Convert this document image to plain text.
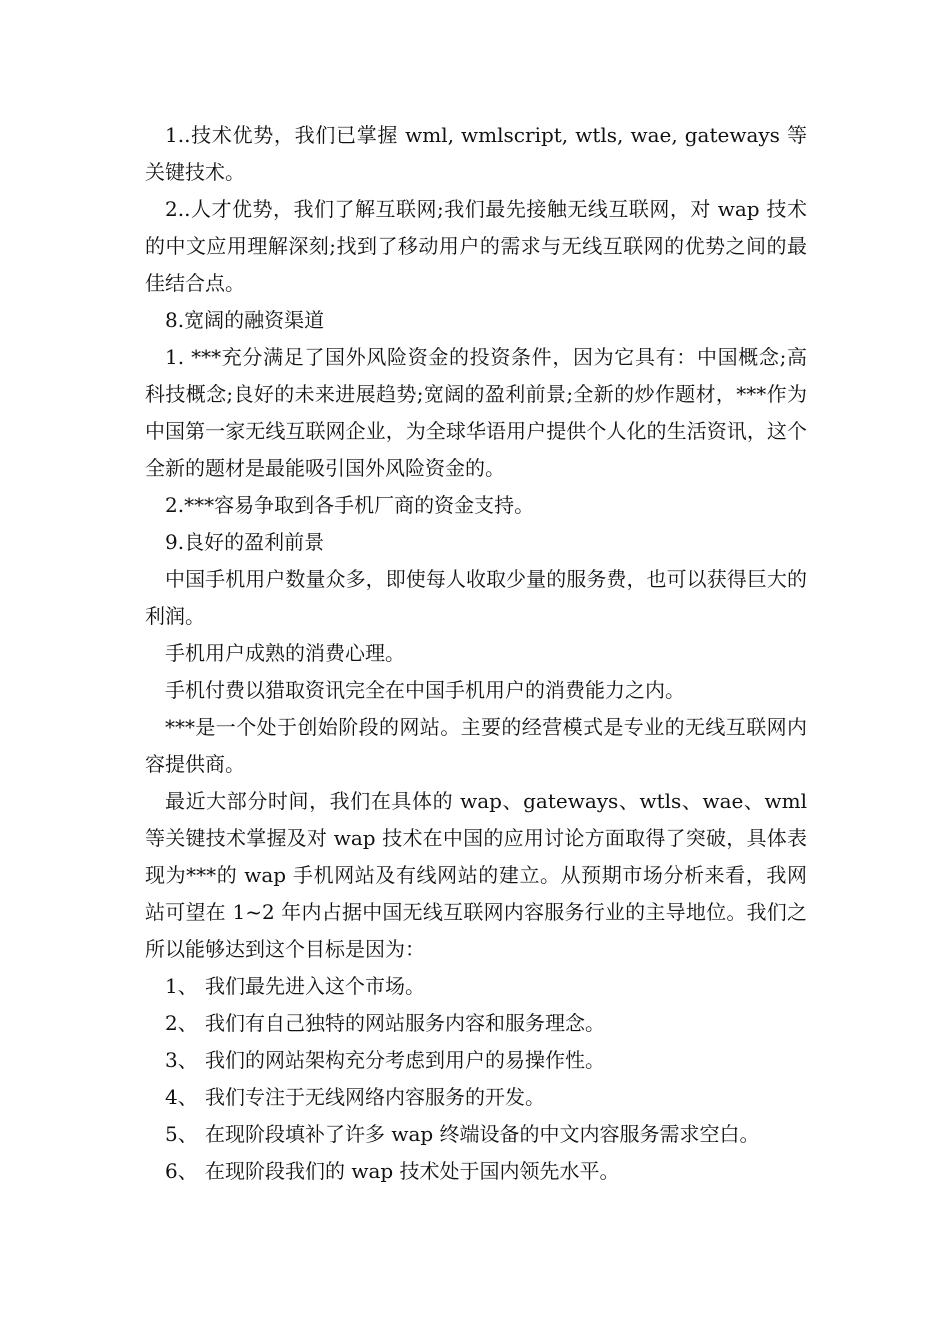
1..技术优势，我们已掌握 wml, wmlscript, wtls, wae, gateways 等关键技术。

2..人才优势，我们了解互联网;我们最先接触无线互联网，对 wap 技术的中文应用理解深刻;找到了移动用户的需求与无线互联网的优势之间的最佳结合点。

8.宽阔的融资渠道

1. ***充分满足了国外风险资金的投资条件，因为它具有：中国概念;高科技概念;良好的未来进展趋势;宽阔的盈利前景;全新的炒作题材，***作为中国第一家无线互联网企业，为全球华语用户提供个人化的生活资讯，这个全新的题材是最能吸引国外风险资金的。

2.***容易争取到各手机厂商的资金支持。

9.良好的盈利前景

中国手机用户数量众多，即使每人收取少量的服务费，也可以获得巨大的利润。

手机用户成熟的消费心理。

手机付费以猎取资讯完全在中国手机用户的消费能力之内。

***是一个处于创始阶段的网站。主要的经营模式是专业的无线互联网内容提供商。

最近大部分时间，我们在具体的 wap、gateways、wtls、wae、wml 等关键技术掌握及对 wap 技术在中国的应用讨论方面取得了突破，具体表现为***的 wap 手机网站及有线网站的建立。从预期市场分析来看，我网站可望在 1~2 年内占据中国无线互联网内容服务行业的主导地位。我们之所以能够达到这个目标是因为：

1、 我们最先进入这个市场。

2、 我们有自己独特的网站服务内容和服务理念。

3、 我们的网站架构充分考虑到用户的易操作性。

4、 我们专注于无线网络内容服务的开发。

5、 在现阶段填补了许多 wap 终端设备的中文内容服务需求空白。

6、 在现阶段我们的 wap 技术处于国内领先水平。
